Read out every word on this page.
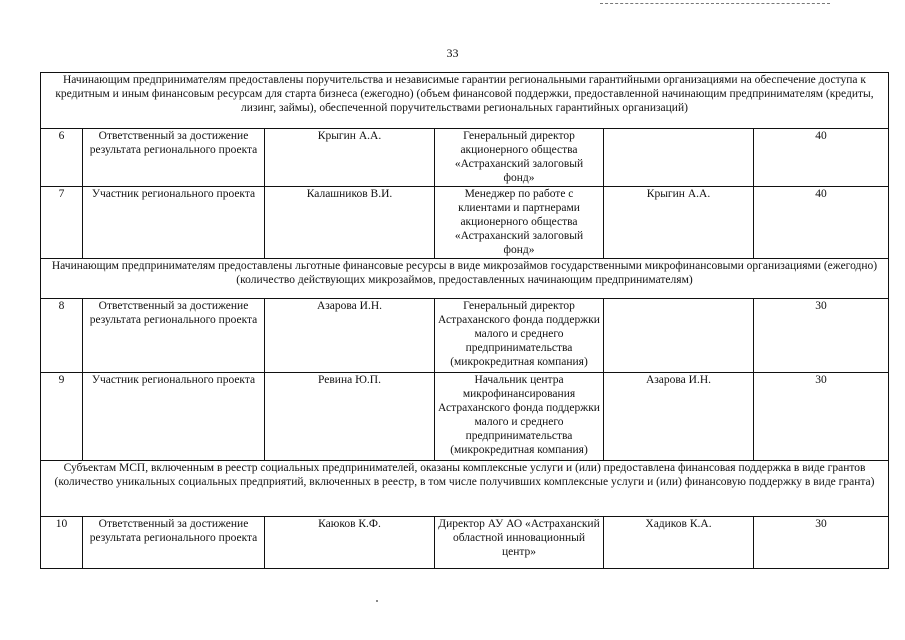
33
Начинающим предпринимателям предоставлены поручительства и независимые гарантии региональными гарантийными организациями на обеспечение доступа к кредитным и иным финансовым ресурсам для старта бизнеса (ежегодно) (объем финансовой поддержки, предоставленной начинающим предпринимателям (кредиты, лизинг, займы), обеспеченной поручительствами региональных гарантийных организаций)					
6	Ответственный за достижение результата регионального проекта	Крыгин А.А.	Генеральный директор акционерного общества «Астраханский залоговый фонд»		40
7	Участник регионального проекта	Калашников В.И.	Менеджер по работе с клиентами и партнерами акционерного общества «Астраханский залоговый фонд»	Крыгин А.А.	40
Начинающим предпринимателям предоставлены льготные финансовые ресурсы в виде микрозаймов государственными микрофинансовыми организациями (ежегодно) (количество действующих микрозаймов, предоставленных начинающим предпринимателям)					
8	Ответственный за достижение результата регионального проекта	Азарова И.Н.	Генеральный директор Астраханского фонда поддержки малого и среднего предпринимательства (микрокредитная компания)		30
9	Участник регионального проекта	Ревина Ю.П.	Начальник центра микрофинансирования Астраханского фонда поддержки малого и среднего предпринимательства (микрокредитная компания)	Азарова И.Н.	30
Субъектам МСП, включенным в реестр социальных предпринимателей, оказаны комплексные услуги и (или) предоставлена финансовая поддержка в виде грантов (количество уникальных социальных предприятий, включенных в реестр, в том числе получивших комплексные услуги и (или) финансовую поддержку в виде гранта)					
10	Ответственный за достижение результата регионального проекта	Каюков К.Ф.	Директор АУ АО «Астраханский областной инновационный центр»	Хадиков К.А.	30
